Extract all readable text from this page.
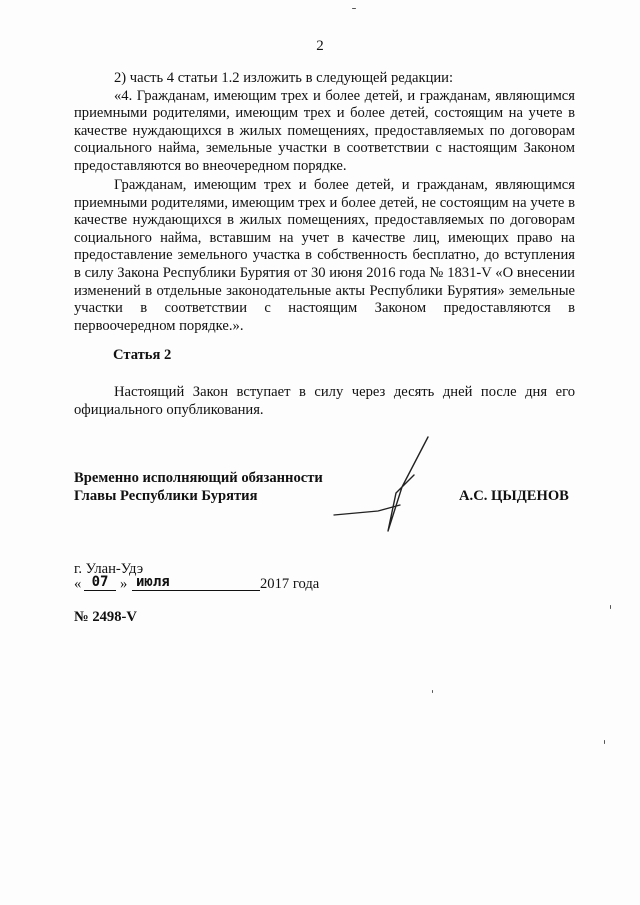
2

2) часть 4 статьи 1.2 изложить в следующей редакции:

«4. Гражданам, имеющим трех и более детей, и гражданам, являющимся приемными родителями, имеющим трех и более детей, состоящим на учете в качестве нуждающихся в жилых помещениях, предоставляемых по договорам социального найма, земельные участки в соответствии с настоящим Законом предоставляются во внеочередном порядке.

Гражданам, имеющим трех и более детей, и гражданам, являющимся приемными родителями, имеющим трех и более детей, не состоящим на учете в качестве нуждающихся в жилых помещениях, предоставляемых по договорам социального найма, вставшим на учет в качестве лиц, имеющих право на предоставление земельного участка в собственность бесплатно, до вступления в силу Закона Республики Бурятия от 30 июня 2016 года № 1831-V «О внесении изменений в отдельные законодательные акты Республики Бурятия» земельные участки в соответствии с настоящим Законом предоставляются в первоочередном порядке.».

Статья 2

Настоящий Закон вступает в силу через десять дней после дня его официального опубликования.

Временно исполняющий обязанности
Главы Республики Бурятия	А.С. ЦЫДЕНОВ
г. Улан-Удэ
« 07 » июля	2017 года
№ 2498-V
